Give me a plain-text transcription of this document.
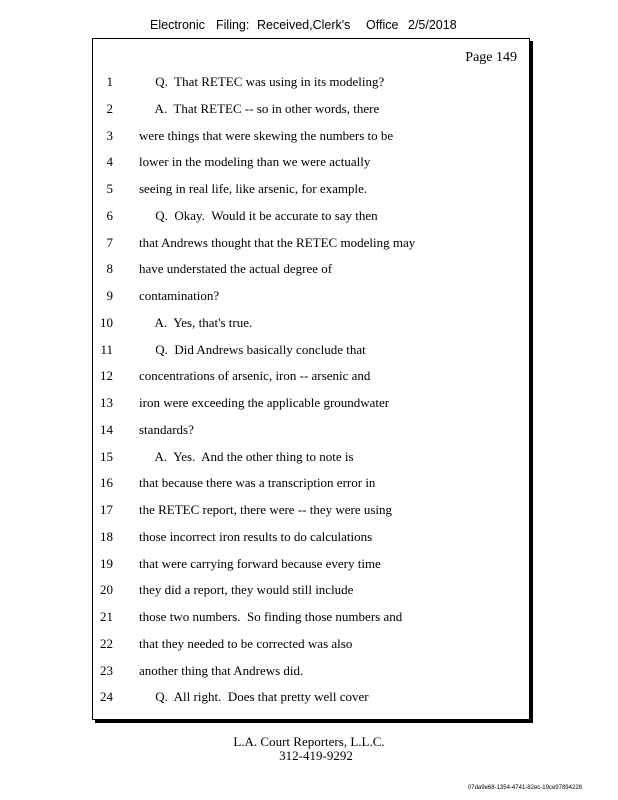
Electronic Filing: Received,Clerk's Office 2/5/2018
Page 149
1 Q.  That RETEC was using in its modeling?
2 A.  That RETEC -- so in other words, there
3 were things that were skewing the numbers to be
4 lower in the modeling than we were actually
5 seeing in real life, like arsenic, for example.
6 Q.  Okay.  Would it be accurate to say then
7 that Andrews thought that the RETEC modeling may
8 have understated the actual degree of
9 contamination?
10 A.  Yes, that's true.
11 Q.  Did Andrews basically conclude that
12 concentrations of arsenic, iron -- arsenic and
13 iron were exceeding the applicable groundwater
14 standards?
15 A.  Yes.  And the other thing to note is
16 that because there was a transcription error in
17 the RETEC report, there were -- they were using
18 those incorrect iron results to do calculations
19 that were carrying forward because every time
20 they did a report, they would still include
21 those two numbers.  So finding those numbers and
22 that they needed to be corrected was also
23 another thing that Andrews did.
24 Q.  All right.  Does that pretty well cover
L.A. Court Reporters, L.L.C.
312-419-9292
07da9e68-1354-4741-82ec-19ce97894228
